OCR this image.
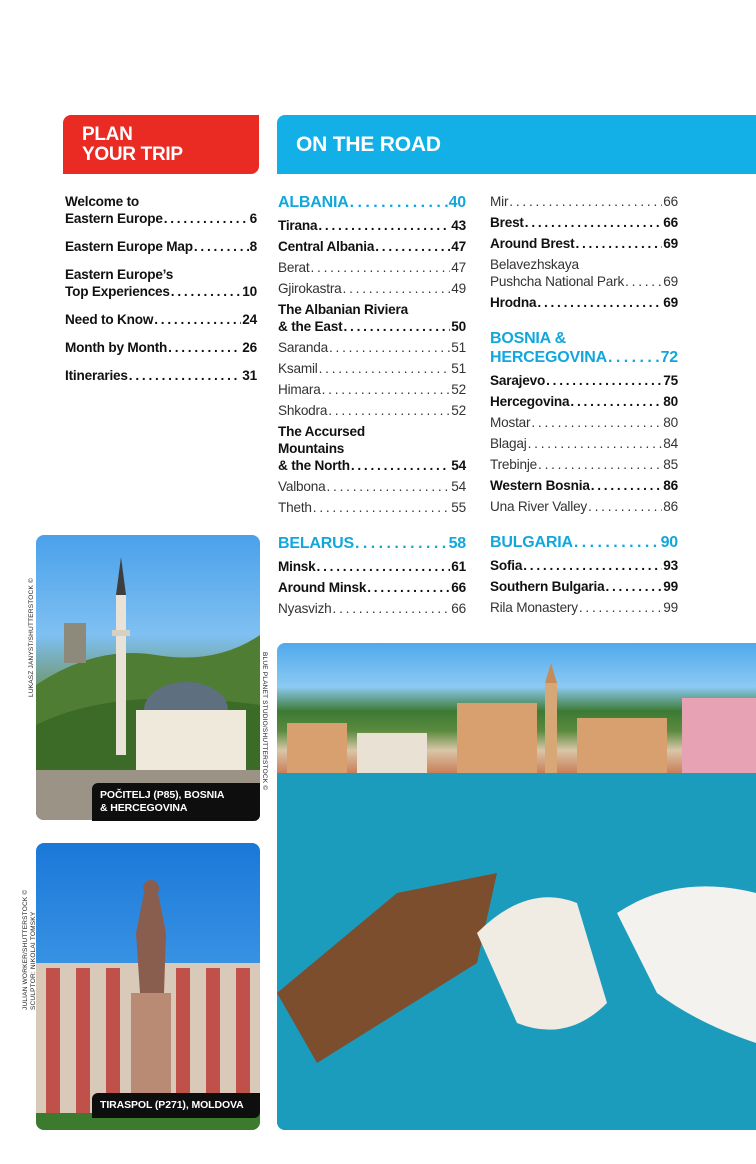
PLAN
YOUR TRIP	ON THE ROAD
Welcome to
Eastern Europe . . .	6
Eastern Europe Map . . .	8
Eastern Europe’s
Top Experiences . . .	10
Need to Know . . .	24
Month by Month . . .	26
Itineraries . . .	31
ALBANIA . . .	40
Tirana . . .	43
Central Albania . . .	47
Berat . . .	47
Gjirokastra . . .	49
The Albanian Riviera
& the East . . .	50
Saranda . . .	51
Ksamil . . .	51
Himara . . .	52
Shkodra . . .	52
The Accursed
Mountains
& the North . . .	54
Valbona . . .	54
Theth . . .	55
BELARUS . . .	58
Minsk . . .	61
Around Minsk . . .	66
Nyasvizh . . .	66
Mir . . .	66
Brest . . .	66
Around Brest . . .	69
Belavezhskaya
Pushcha National Park . . .	69
Hrodna . . .	69
BOSNIA &
HERCEGOVINA . . .	72
Sarajevo . . .	75
Hercegovina . . .	80
Mostar . . .	80
Blagaj . . .	84
Trebinje . . .	85
Western Bosnia . . .	86
Una River Valley . . .	86
BULGARIA . . .	90
Sofia . . .	93
Southern Bulgaria . . .	99
Rila Monastery . . .	99
POČITELJ (P85), BOSNIA
& HERCEGOVINA
TIRASPOL (P271), MOLDOVA
LUKASZ JANYST/SHUTTERSTOCK ©
BLUE PLANET STUDIO/SHUTTERSTOCK ©
JULIAN WORKER/SHUTTERSTOCK © SCULPTOR: NIKOLAI TOMSKY
